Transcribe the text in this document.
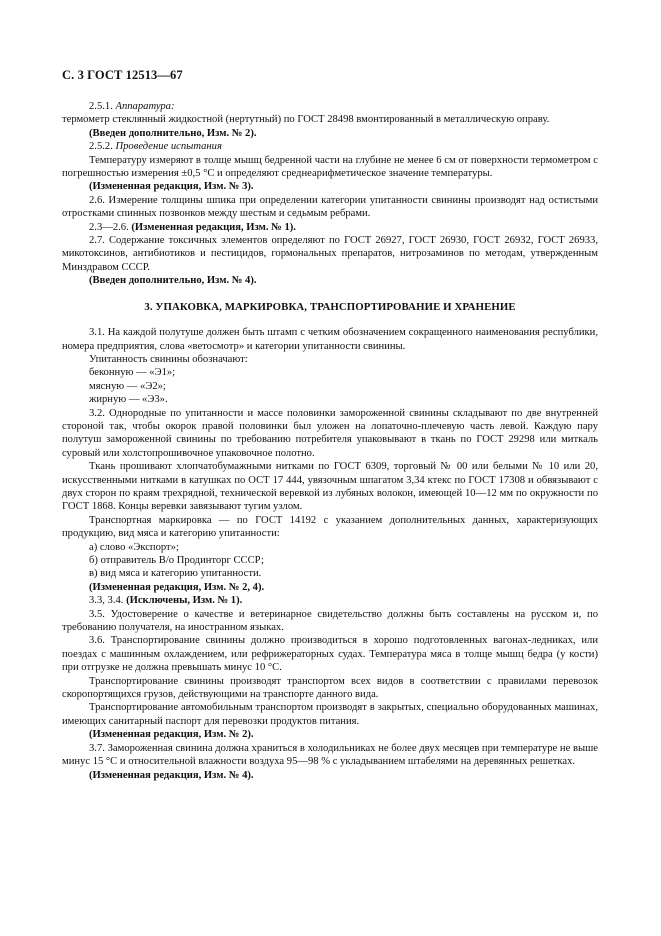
С. 3 ГОСТ 12513—67

2.5.1. Аппаратура:

термометр стеклянный жидкостной (нертутный) по ГОСТ 28498 вмонтированный в металлическую оправу.

(Введен дополнительно, Изм. № 2).

2.5.2. Проведение испытания

Температуру измеряют в толще мышц бедренной части на глубине не менее 6 см от поверхности термометром с погрешностью измерения ±0,5 °С и определяют среднеарифметическое значение температуры.

(Измененная редакция, Изм. № 3).

2.6. Измерение толщины шпика при определении категории упитанности свинины производят над остистыми отростками спинных позвонков между шестым и седьмым ребрами.

2.3—2.6. (Измененная редакция, Изм. № 1).

2.7. Содержание токсичных элементов определяют по ГОСТ 26927, ГОСТ 26930, ГОСТ 26932, ГОСТ 26933, микотоксинов, антибиотиков и пестицидов, гормональных препаратов, нитрозаминов по методам, утвержденным Минздравом СССР.

(Введен дополнительно, Изм. № 4).

3. УПАКОВКА, МАРКИРОВКА, ТРАНСПОРТИРОВАНИЕ И ХРАНЕНИЕ

3.1. На каждой полутуше должен быть штамп с четким обозначением сокращенного наименования республики, номера предприятия, слова «ветосмотр» и категории упитанности свинины.

Упитанность свинины обозначают:

беконную — «Э1»;

мясную — «Э2»;

жирную — «Э3».

3.2. Однородные по упитанности и массе половинки замороженной свинины складывают по две внутренней стороной так, чтобы окорок правой половинки был уложен на лопаточно-плечевую часть левой. Каждую пару полутуш замороженной свинины по требованию потребителя упаковывают в ткань по ГОСТ 29298 или миткаль суровый или холстопрошивочное упаковочное полотно.

Ткань прошивают хлопчатобумажными нитками по ГОСТ 6309, торговый № 00 или белыми № 10 или 20, искусственными нитками в катушках по ОСТ 17 444, увязочным шпагатом 3,34 ктекс по ГОСТ 17308 и обвязывают с двух сторон по краям трехрядной, технической веревкой из лубяных волокон, имеющей 10—12 мм по окружности по ГОСТ 1868. Концы веревки завязывают тугим узлом.

Транспортная маркировка — по ГОСТ 14192 с указанием дополнительных данных, характеризующих продукцию, вид мяса и категорию упитанности:

а) слово «Экспорт»;

б) отправитель В/о Продинторг СССР;

в) вид мяса и категорию упитанности.

(Измененная редакция, Изм. № 2, 4).

3.3, 3.4. (Исключены, Изм. № 1).

3.5. Удостоверение о качестве и ветеринарное свидетельство должны быть составлены на русском и, по требованию получателя, на иностранном языках.

3.6. Транспортирование свинины должно производиться в хорошо подготовленных вагонах-ледниках, или поездах с машинным охлаждением, или рефрижераторных судах. Температура мяса в толще мышц бедра (у кости) при отгрузке не должна превышать минус 10 °С.

Транспортирование свинины производят транспортом всех видов в соответствии с правилами перевозок скоропортящихся грузов, действующими на транспорте данного вида.

Транспортирование автомобильным транспортом производят в закрытых, специально оборудованных машинах, имеющих санитарный паспорт для перевозки продуктов питания.

(Измененная редакция, Изм. № 2).

3.7. Замороженная свинина должна храниться в холодильниках не более двух месяцев при температуре не выше минус 15 °С и относительной влажности воздуха 95—98 % с укладыванием штабелями на деревянных решетках.

(Измененная редакция, Изм. № 4).
